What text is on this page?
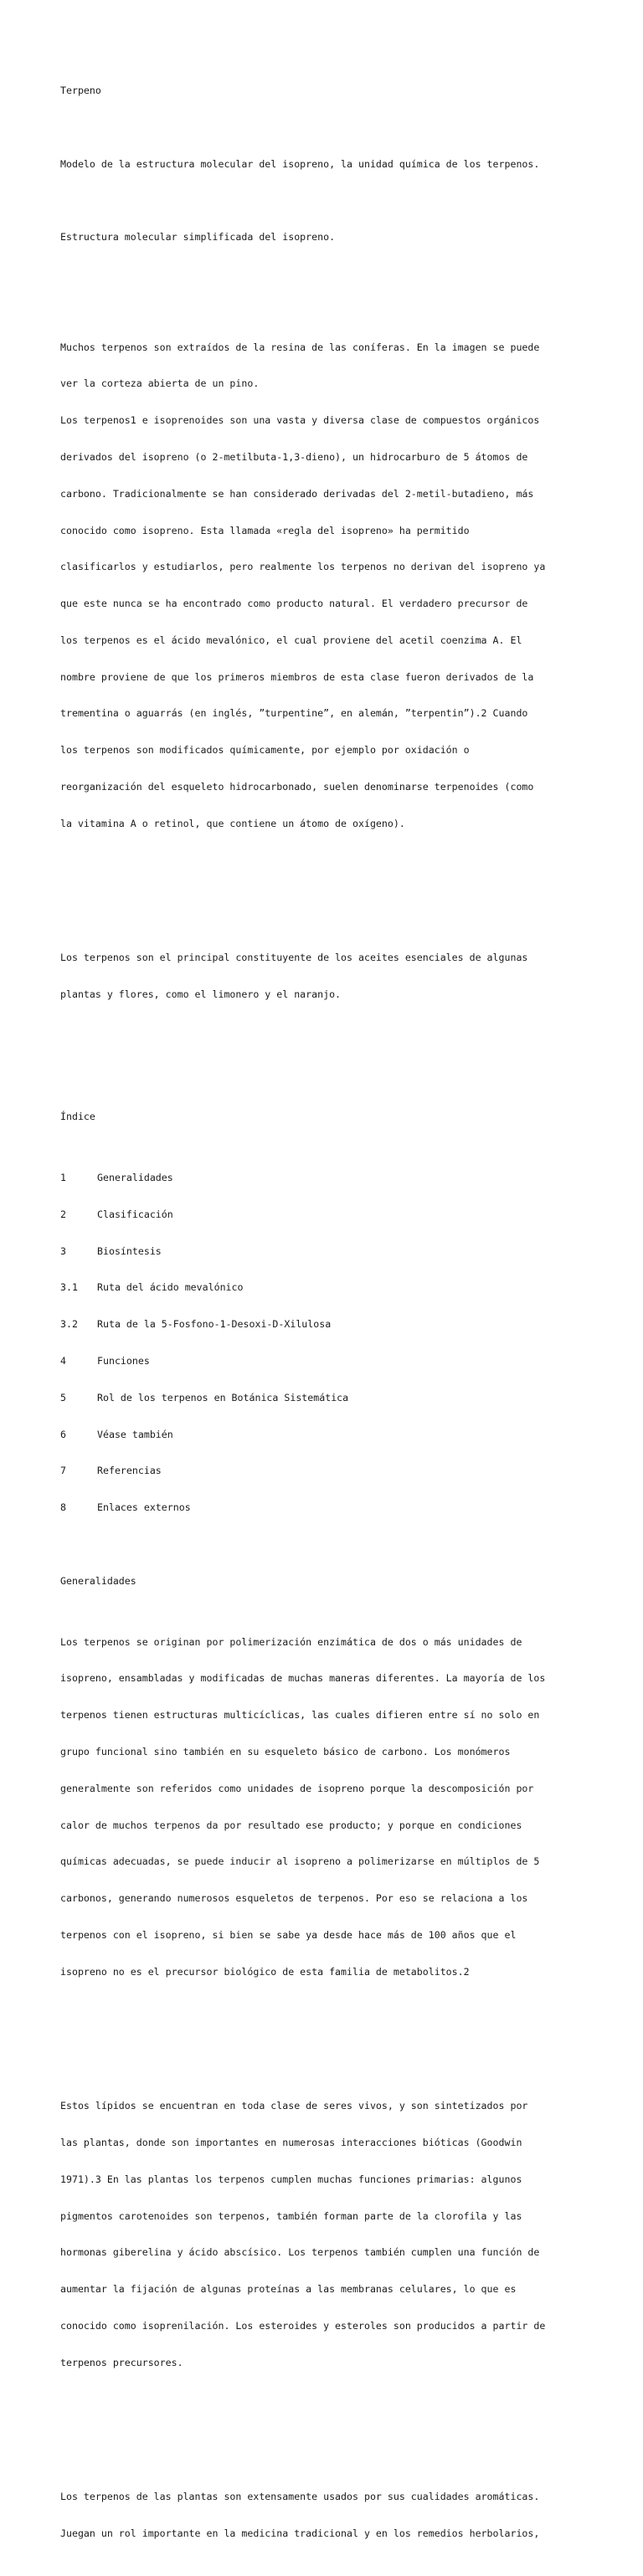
Terpeno

Modelo de la estructura molecular del isopreno, la unidad química de los terpenos.

Estructura molecular simplificada del isopreno.

Muchos terpenos son extraídos de la resina de las coníferas. En la imagen se puede

ver la corteza abierta de un pino.

Los terpenos1 e isoprenoides son una vasta y diversa clase de compuestos orgánicos

derivados del isopreno (o 2-metilbuta-1,3-dieno), un hidrocarburo de 5 átomos de

carbono. Tradicionalmente se han considerado derivadas del 2-metil-butadieno, más

conocido como isopreno. Esta llamada «regla del isopreno» ha permitido

clasificarlos y estudiarlos, pero realmente los terpenos no derivan del isopreno ya

que este nunca se ha encontrado como producto natural. El verdadero precursor de

los terpenos es el ácido mevalónico, el cual proviene del acetil coenzima A. El

nombre proviene de que los primeros miembros de esta clase fueron derivados de la

trementina o aguarrás (en inglés, ”turpentine”, en alemán, ”terpentin”).2 Cuando

los terpenos son modificados químicamente, por ejemplo por oxidación o

reorganización del esqueleto hidrocarbonado, suelen denominarse terpenoides (como

la vitamina A o retinol, que contiene un átomo de oxígeno).

Los terpenos son el principal constituyente de los aceites esenciales de algunas

plantas y flores, como el limonero y el naranjo.

Índice

1	Generalidades

2	Clasificación

3	Biosíntesis

3.1	Ruta del ácido mevalónico

3.2	Ruta de la 5-Fosfono-1-Desoxi-D-Xilulosa

4	Funciones

5	Rol de los terpenos en Botánica Sistemática

6	Véase también

7	Referencias

8	Enlaces externos

Generalidades

Los terpenos se originan por polimerización enzimática de dos o más unidades de

isopreno, ensambladas y modificadas de muchas maneras diferentes. La mayoría de los

terpenos tienen estructuras multicíclicas, las cuales difieren entre sí no solo en

grupo funcional sino también en su esqueleto básico de carbono. Los monómeros

generalmente son referidos como unidades de isopreno porque la descomposición por

calor de muchos terpenos da por resultado ese producto; y porque en condiciones

químicas adecuadas, se puede inducir al isopreno a polimerizarse en múltiplos de 5

carbonos, generando numerosos esqueletos de terpenos. Por eso se relaciona a los

terpenos con el isopreno, si bien se sabe ya desde hace más de 100 años que el

isopreno no es el precursor biológico de esta familia de metabolitos.2

Estos lípidos se encuentran en toda clase de seres vivos, y son sintetizados por

las plantas, donde son importantes en numerosas interacciones bióticas (Goodwin

1971).3 En las plantas los terpenos cumplen muchas funciones primarias: algunos

pigmentos carotenoides son terpenos, también forman parte de la clorofila y las

hormonas giberelina y ácido abscísico. Los terpenos también cumplen una función de

aumentar la fijación de algunas proteínas a las membranas celulares, lo que es

conocido como isoprenilación. Los esteroides y esteroles son producidos a partir de

terpenos precursores.

Los terpenos de las plantas son extensamente usados por sus cualidades aromáticas.

Juegan un rol importante en la medicina tradicional y en los remedios herbolarios,
